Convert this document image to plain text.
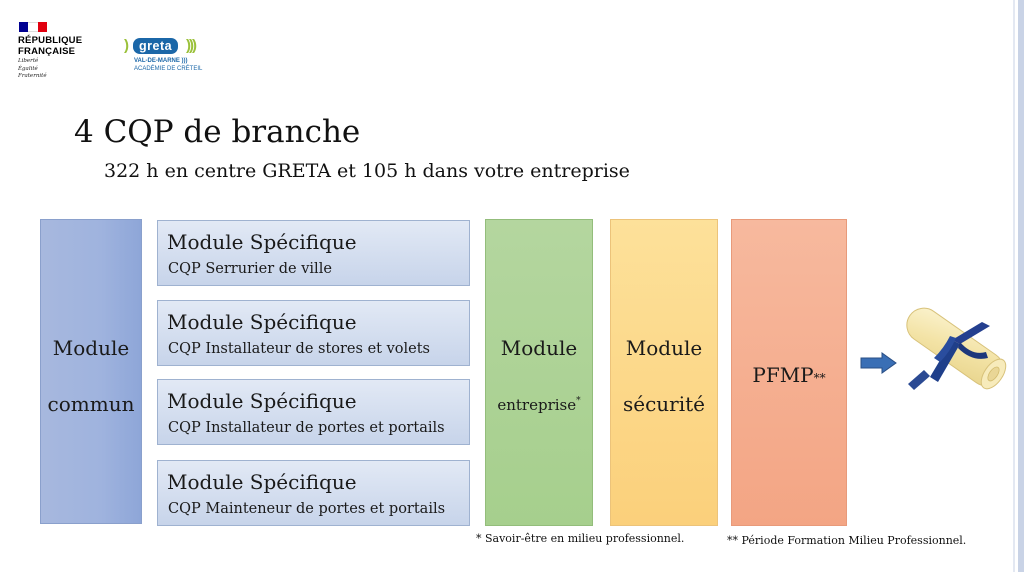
RÉPUBLIQUE
FRANÇAISE
Liberté
Égalité
Fraternité
) greta )))
VAL-DE-MARNE )))
ACADÉMIE DE CRÉTEIL
4 CQP de branche
322 h en centre GRETA et 105 h dans votre entreprise
Module
commun
Module Spécifique
CQP Serrurier de ville
Module Spécifique
CQP Installateur de stores et volets
Module Spécifique
CQP Installateur de portes et portails
Module Spécifique
CQP Mainteneur de portes et portails
Module
entreprise*
Module
sécurité
PFMP**
* Savoir-être en milieu professionnel.	** Période Formation Milieu Professionnel.
